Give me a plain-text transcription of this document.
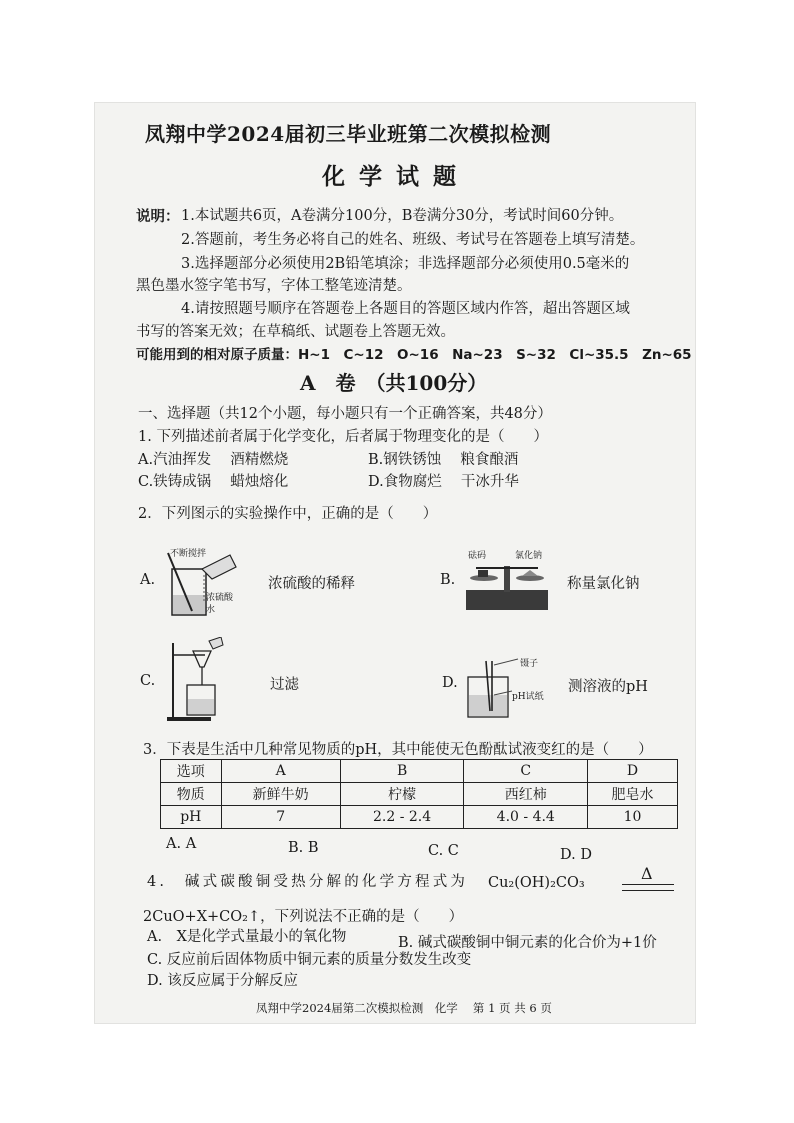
凤翔中学2024届初三毕业班第二次模拟检测
化学试题
说明： 1.本试题共6页，A卷满分100分，B卷满分30分，考试时间60分钟。
2.答题前，考生务必将自己的姓名、班级、考试号在答题卷上填写清楚。
3.选择题部分必须使用2B铅笔填涂；非选择题部分必须使用0.5毫米的
黑色墨水签字笔书写，字体工整笔迹清楚。
4.请按照题号顺序在答题卷上各题目的答题区域内作答，超出答题区域
书写的答案无效；在草稿纸、试题卷上答题无效。
可能用到的相对原子质量：H~1　C~12　O~16　Na~23　S~32　Cl~35.5　Zn~65
A　卷　（共100分）
一、选择题（共12个小题，每小题只有一个正确答案，共48分）
1. 下列描述前者属于化学变化，后者属于物理变化的是（　　）
A.汽油挥发　 酒精燃烧	B.钢铁锈蚀　 粮食酿酒
C.铁铸成锅　 蜡烛熔化	D.食物腐烂　 干冰升华
2．下列图示的实验操作中，正确的是（　　）
A.
不断搅拌
浓硫酸
水
浓硫酸的稀释	B.
砝码	氯化钠
称量氯化钠
C.	过滤	D.
镊子
pH试纸
测溶液的pH
3．下表是生活中几种常见物质的pH，其中能使无色酚酞试液变红的是（　　）
选项	A	B	C	D
物质	新鲜牛奶	柠檬	西红柿	肥皂水
pH	7	2.2 - 2.4	4.0 - 4.4	10
A. A	B. B	C. C	D. D
4.　碱式碳酸铜受热分解的化学方程式为 Cu₂(OH)₂CO₃	Δ
2CuO+X+CO₂↑，下列说法不正确的是（　　）
A.　X是化学式量最小的氧化物	B. 碱式碳酸铜中铜元素的化合价为+1价
C. 反应前后固体物质中铜元素的质量分数发生改变
D. 该反应属于分解反应
凤翔中学2024届第二次模拟检测　化学　 第 1 页 共 6 页
